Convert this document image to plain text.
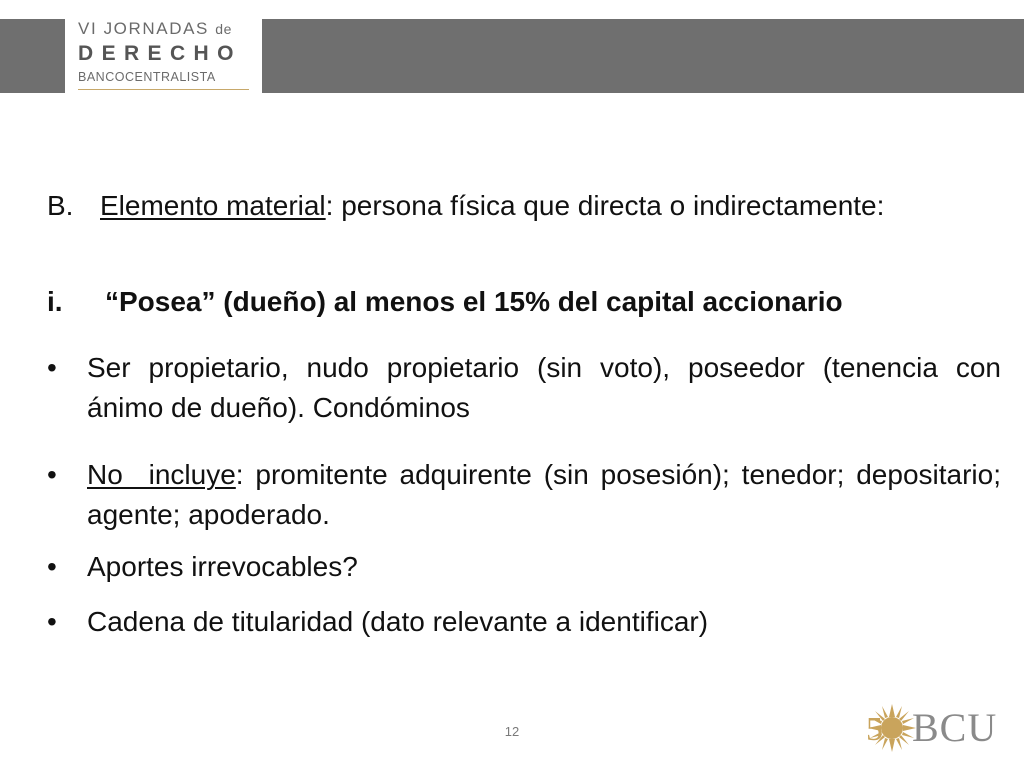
VI JORNADAS de
DERECHO
BANCOCENTRALISTA
B. Elemento material: persona física que directa o indirectamente:
i. “Posea” (dueño) al menos el 15% del capital accionario
• Ser propietario, nudo propietario (sin voto), poseedor (tenencia con ánimo de dueño). Condóminos
• No incluye: promitente adquirente (sin posesión); tenedor; depositario; agente; apoderado.
• Aportes irrevocables?
• Cadena de titularidad (dato relevante a identificar)
12	5 BCU
